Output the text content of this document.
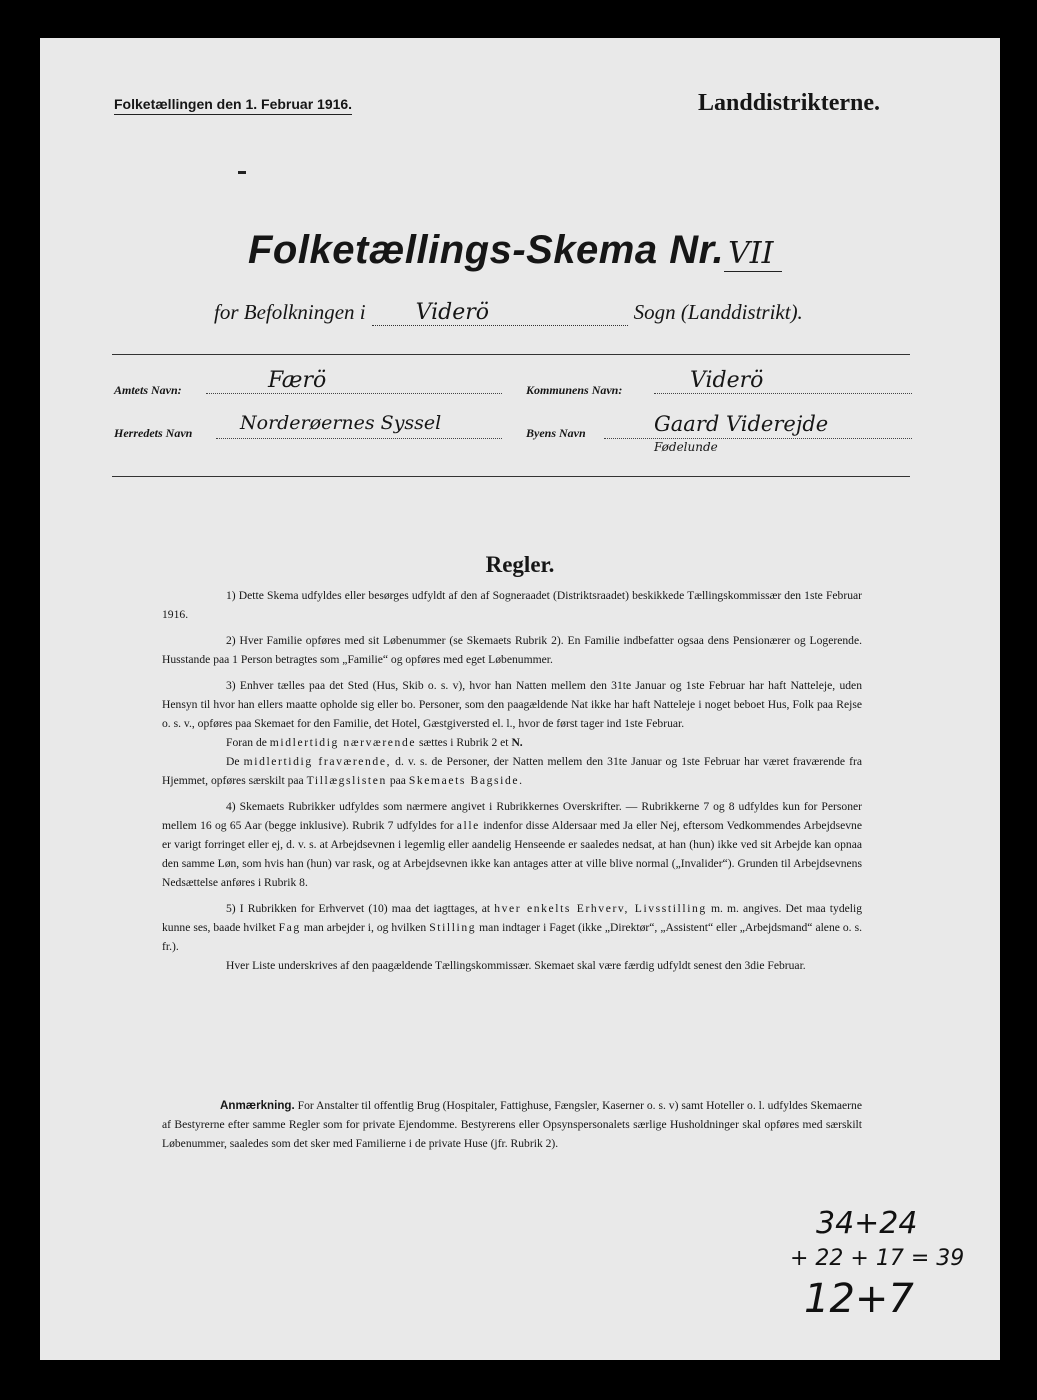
Folketællingen den 1. Februar 1916.	Landdistrikterne.
Folketællings-Skema Nr. VII
for Befolkningen i Viderö	Sogn (Landdistrikt).
Amtets Navn:	Færö	Kommunens Navn:	Viderö
Herredets Navn	Norderøernes Syssel	Byens Navn	Gaard Viderejde
Fødelunde
Regler.

1) Dette Skema udfyldes eller besørges udfyldt af den af Sogneraadet (Distriktsraadet) beskikkede Tællingskommissær den 1ste Februar 1916.

2) Hver Familie opføres med sit Løbenummer (se Skemaets Rubrik 2). En Familie indbefatter ogsaa dens Pensionærer og Logerende. Husstande paa 1 Person betragtes som „Familie“ og opføres med eget Løbenummer.

3) Enhver tælles paa det Sted (Hus, Skib o. s. v), hvor han Natten mellem den 31te Januar og 1ste Februar har haft Natteleje, uden Hensyn til hvor han ellers maatte opholde sig eller bo. Personer, som den paagældende Nat ikke har haft Natteleje i noget beboet Hus, Folk paa Rejse o. s. v., opføres paa Skemaet for den Familie, det Hotel, Gæstgiversted el. l., hvor de først tager ind 1ste Februar.

Foran de midlertidig nærværende sættes i Rubrik 2 et N.

De midlertidig fraværende, d. v. s. de Personer, der Natten mellem den 31te Januar og 1ste Februar har været fraværende fra Hjemmet, opføres særskilt paa Tillægslisten paa Skemaets Bagside.

4) Skemaets Rubrikker udfyldes som nærmere angivet i Rubrikkernes Overskrifter. — Rubrikkerne 7 og 8 udfyldes kun for Personer mellem 16 og 65 Aar (begge inklusive). Rubrik 7 udfyldes for alle indenfor disse Aldersaar med Ja eller Nej, eftersom Vedkommendes Arbejdsevne er varigt forringet eller ej, d. v. s. at Arbejdsevnen i legemlig eller aandelig Henseende er saaledes nedsat, at han (hun) ikke ved sit Arbejde kan opnaa den samme Løn, som hvis han (hun) var rask, og at Arbejdsevnen ikke kan antages atter at ville blive normal („Invalider“). Grunden til Arbejdsevnens Nedsættelse anføres i Rubrik 8.

5) I Rubrikken for Erhvervet (10) maa det iagttages, at hver enkelts Erhverv, Livsstilling m. m. angives. Det maa tydelig kunne ses, baade hvilket Fag man arbejder i, og hvilken Stilling man indtager i Faget (ikke „Direktør“, „Assistent“ eller „Arbejdsmand“ alene o. s. fr.).

Hver Liste underskrives af den paagældende Tællingskommissær. Skemaet skal være færdig udfyldt senest den 3die Februar.

Anmærkning. For Anstalter til offentlig Brug (Hospitaler, Fattighuse, Fængsler, Kaserner o. s. v) samt Hoteller o. l. udfyldes Skemaerne af Bestyrerne efter samme Regler som for private Ejendomme. Bestyrerens eller Opsynspersonalets særlige Husholdninger skal opføres med særskilt Løbenummer, saaledes som det sker med Familierne i de private Huse (jfr. Rubrik 2).

34+24
+ 22 + 17 = 39
12+7
